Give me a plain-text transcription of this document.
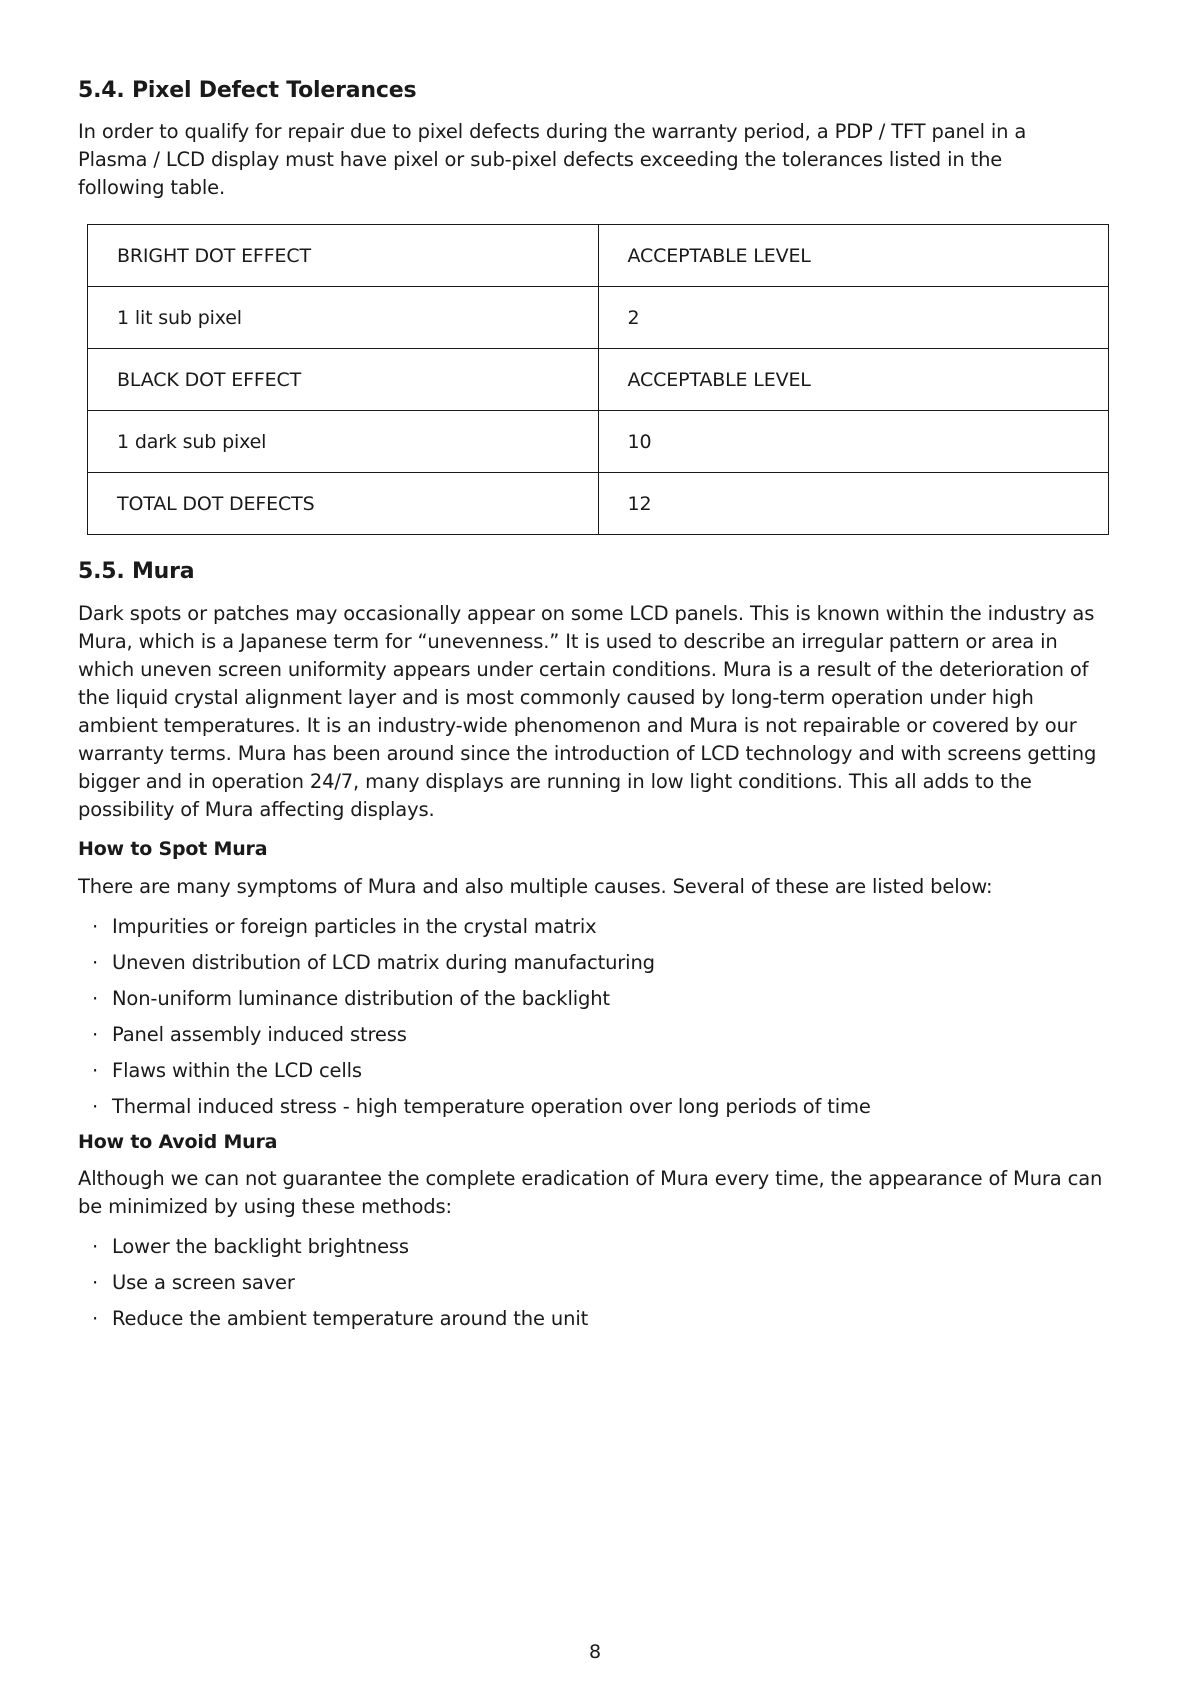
5.4. Pixel Defect Tolerances

In order to qualify for repair due to pixel defects during the warranty period, a PDP / TFT panel in a Plasma / LCD display must have pixel or sub-pixel defects exceeding the tolerances listed in the following table.

BRIGHT DOT EFFECT	ACCEPTABLE LEVEL
1 lit sub pixel	2
BLACK DOT EFFECT	ACCEPTABLE LEVEL
1 dark sub pixel	10
TOTAL DOT DEFECTS	12
5.5. Mura

Dark spots or patches may occasionally appear on some LCD panels. This is known within the industry as Mura, which is a Japanese term for “unevenness.” It is used to describe an irregular pattern or area in which uneven screen uniformity appears under certain conditions. Mura is a result of the deterioration of the liquid crystal alignment layer and is most commonly caused by long-term operation under high ambient temperatures. It is an industry-wide phenomenon and Mura is not repairable or covered by our warranty terms. Mura has been around since the introduction of LCD technology and with screens getting bigger and in operation 24/7, many displays are running in low light conditions. This all adds to the possibility of Mura affecting displays.

How to Spot Mura

There are many symptoms of Mura and also multiple causes. Several of these are listed below:

· Impurities or foreign particles in the crystal matrix
· Uneven distribution of LCD matrix during manufacturing
· Non-uniform luminance distribution of the backlight
· Panel assembly induced stress
· Flaws within the LCD cells
· Thermal induced stress - high temperature operation over long periods of time
How to Avoid Mura

Although we can not guarantee the complete eradication of Mura every time, the appearance of Mura can be minimized by using these methods:

· Lower the backlight brightness
· Use a screen saver
· Reduce the ambient temperature around the unit
8
